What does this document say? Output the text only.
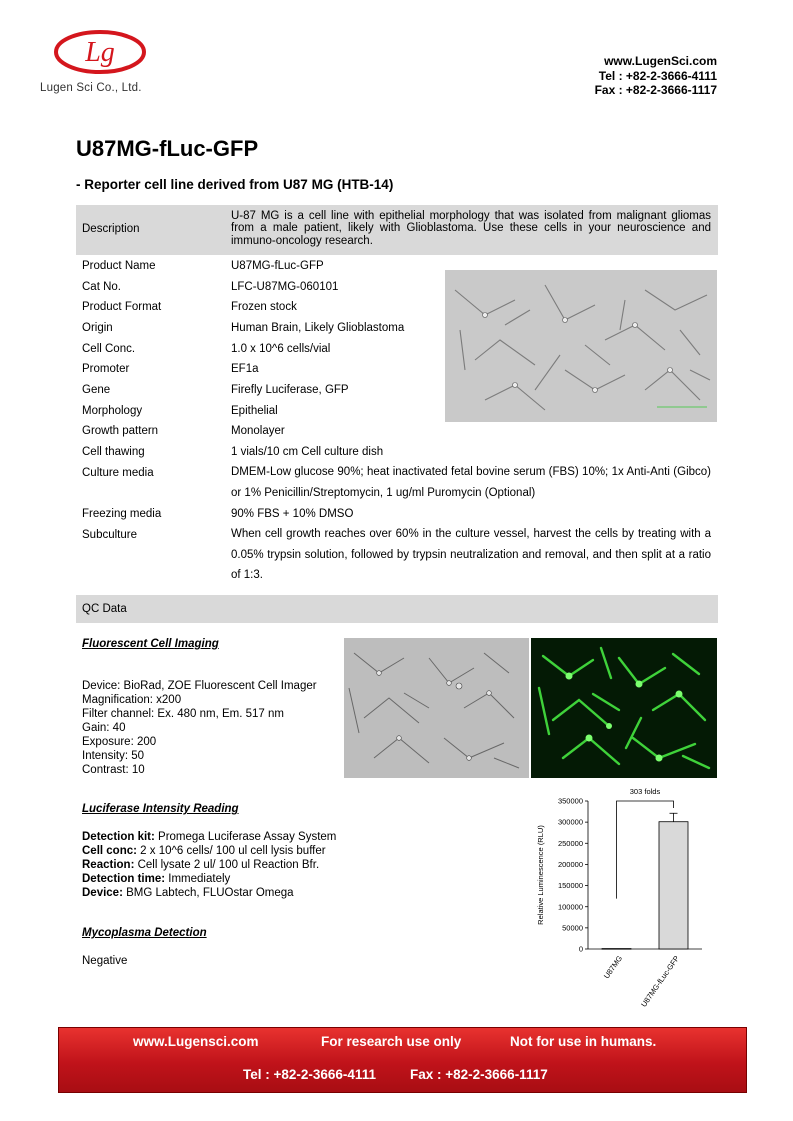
Lg
Lugen Sci Co., Ltd.
www.LugenSci.com
Tel : +82-2-3666-4111
Fax : +82-2-3666-1117
U87MG-fLuc-GFP
- Reporter cell line derived from U87 MG (HTB-14)
Description
U-87 MG is a cell line with epithelial morphology that was isolated from malignant gliomas from a male patient, likely with Glioblastoma. Use these cells in your neuroscience and immuno-oncology research.
Product Name	U87MG-fLuc-GFP
Cat No.	LFC-U87MG-060101
Product Format	Frozen stock
Origin	Human Brain, Likely Glioblastoma
Cell Conc.	1.0 x 10^6 cells/vial
Promoter	EF1a
Gene	Firefly Luciferase, GFP
Morphology	Epithelial
Growth pattern	Monolayer
Cell thawing	1 vials/10 cm Cell culture dish
Culture media	DMEM-Low glucose 90%; heat inactivated fetal bovine serum (FBS) 10%; 1x Anti-Anti (Gibco) or 1% Penicillin/Streptomycin, 1 ug/ml Puromycin (Optional)
Freezing media	90% FBS + 10% DMSO
Subculture	When cell growth reaches over 60% in the culture vessel, harvest the cells by treating with a 0.05% trypsin solution, followed by trypsin neutralization and removal, and then split at a ratio of 1:3.
QC Data
Fluorescent Cell Imaging
Device: BioRad, ZOE Fluorescent Cell Imager
Magnification: x200
Filter channel: Ex. 480 nm, Em. 517 nm
Gain: 40
Exposure: 200
Intensity: 50
Contrast: 10
Luciferase Intensity Reading
Detection kit: Promega Luciferase Assay System
Cell conc: 2 x 10^6 cells/ 100 ul cell lysis buffer
Reaction: Cell lysate 2 ul/ 100 ul Reaction Bfr.
Detection time: Immediately
Device: BMG Labtech, FLUOstar Omega
Mycoplasma Detection
Negative
0
50000
100000
150000
200000
250000
300000
350000
U87MG U87MG-fLuc-GFP
Relative Luminescence (RLU)
303 folds
www.Lugensci.com	For research use only	Not for use in humans.
Tel : +82-2-3666-4111	Fax : +82-2-3666-1117
